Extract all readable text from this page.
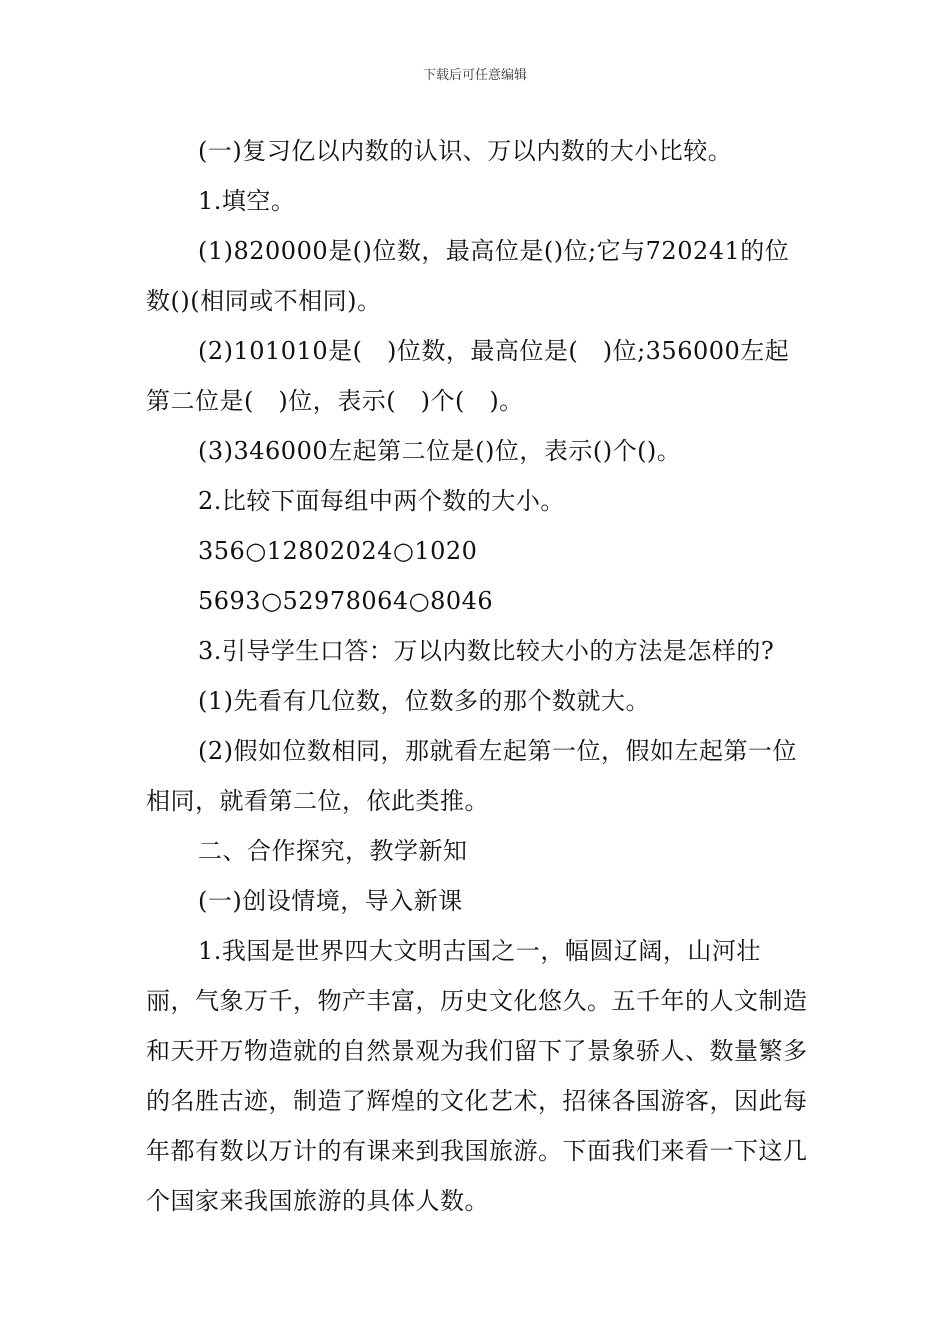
下载后可任意编辑

(一)复习亿以内数的认识、万以内数的大小比较。

1.填空。

(1)820000是()位数，最高位是()位;它与720241的位数()(相同或不相同)。

(2)101010是(　)位数，最高位是(　)位;356000左起第二位是(　)位，表示(　)个(　)。

(3)346000左起第二位是()位，表示()个()。

2.比较下面每组中两个数的大小。

356○12802024○1020

5693○52978064○8046

3.引导学生口答：万以内数比较大小的方法是怎样的?

(1)先看有几位数，位数多的那个数就大。

(2)假如位数相同，那就看左起第一位，假如左起第一位相同，就看第二位，依此类推。

二、合作探究，教学新知

(一)创设情境，导入新课

1.我国是世界四大文明古国之一，幅圆辽阔，山河壮丽，气象万千，物产丰富，历史文化悠久。五千年的人文制造和天开万物造就的自然景观为我们留下了景象骄人、数量繁多的名胜古迹，制造了辉煌的文化艺术，招徕各国游客，因此每年都有数以万计的有课来到我国旅游。下面我们来看一下这几个国家来我国旅游的具体人数。
